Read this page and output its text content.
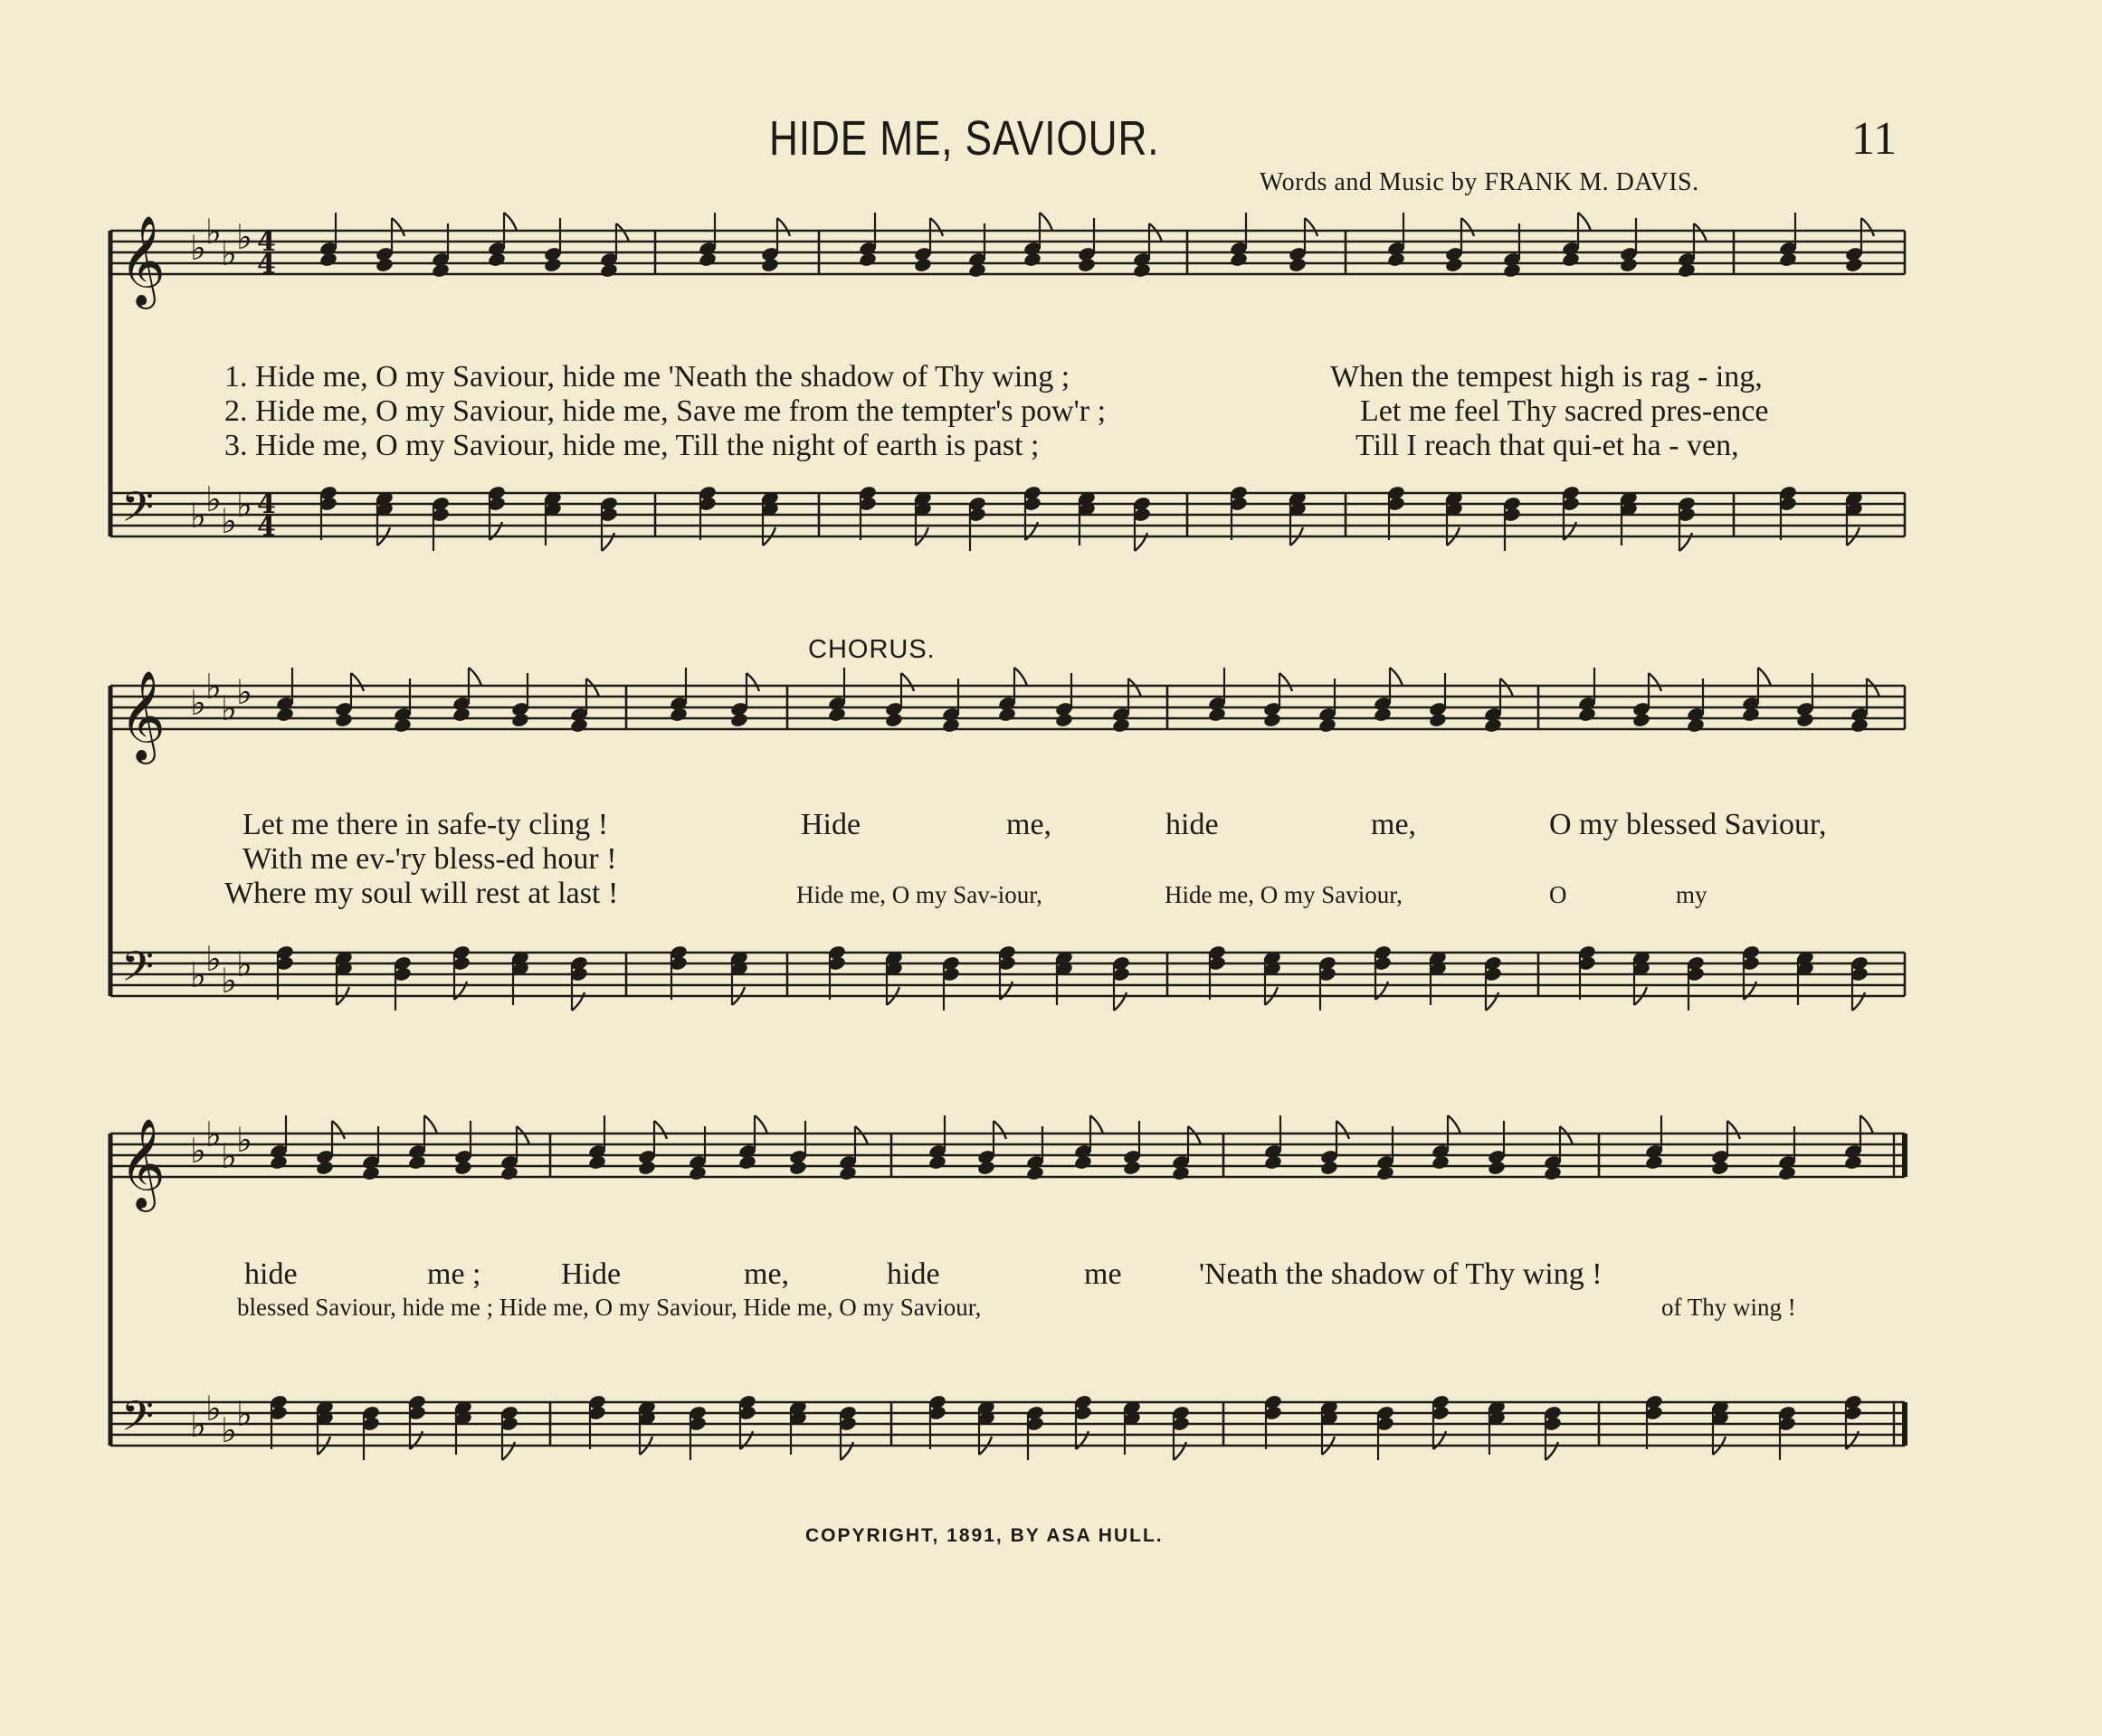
HIDE ME, SAVIOUR.	11
Words and Music by FRANK M. DAVIS.
1. Hide me, O my Saviour, hide me 'Neath the shadow of Thy wing ;	When the tempest high is rag - ing,
2. Hide me, O my Saviour, hide me, Save me from the tempter's pow'r ;	Let me feel Thy sacred pres-ence
3. Hide me, O my Saviour, hide me, Till the night of earth is past ;	Till I reach that qui-et ha - ven,
CHORUS.
Let me there in safe-ty cling !
With me ev-'ry bless-ed hour !
Where my soul will rest at last !
Hide	me,	hide	me,	O my blessed Saviour,
Hide me, O my Sav-iour,	Hide me, O my Saviour,	O	my
hide	me ;	Hide	me,	hide	me	'Neath the shadow of Thy wing !
blessed Saviour, hide me ; Hide me, O my Saviour, Hide me, O my Saviour,	of Thy wing !
COPYRIGHT, 1891, BY ASA HULL.
𝄞
𝄢
♭
♭
♭
♭
♭
♭
♭
♭
4
4
4
4
𝄞
𝄢
♭
♭
♭
♭
♭
♭
♭
♭
𝄞
𝄢
♭
♭
♭
♭
♭
♭
♭
♭
